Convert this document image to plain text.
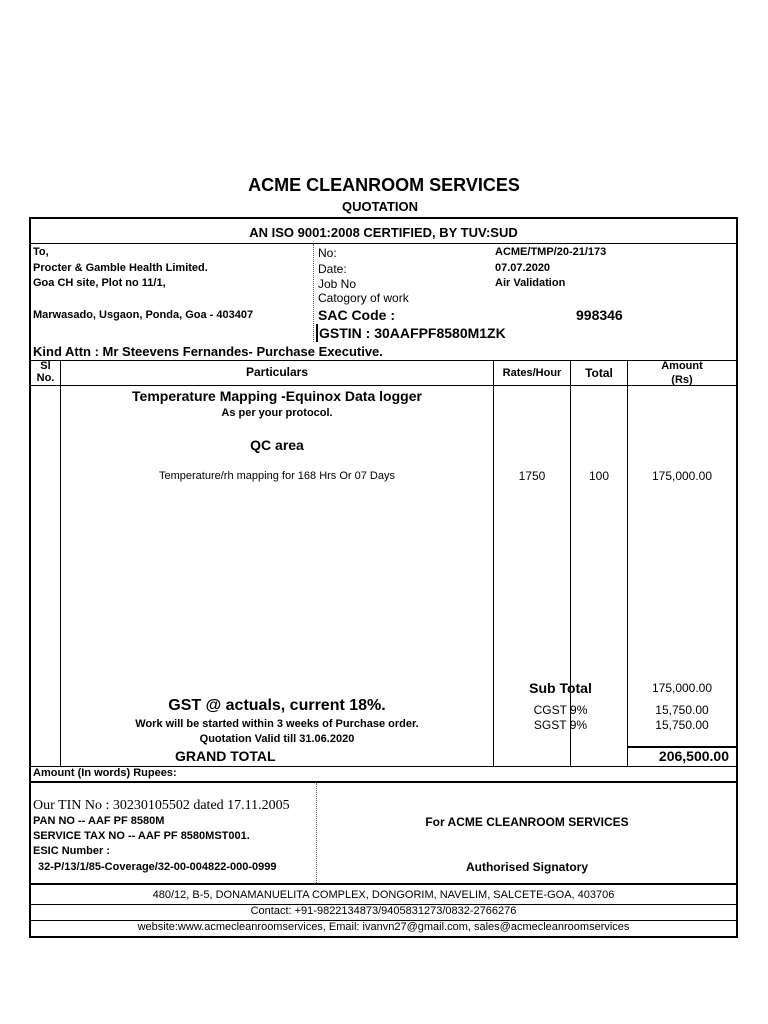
ACME CLEANROOM SERVICES
QUOTATION
AN ISO 9001:2008 CERTIFIED, BY TUV:SUD
To,
Procter & Gamble Health Limited.
Goa CH site, Plot no 11/1,
Marwasado, Usgaon, Ponda, Goa - 403407
No:	ACME/TMP/20-21/173
Date:	07.07.2020
Job No	Air Validation
Catogory of work
SAC Code :	998346
GSTIN : 30AAFPF8580M1ZK
Kind Attn : Mr Steevens Fernandes- Purchase Executive.
Sl
No.	Particulars	Rates/Hour	Total	Amount
(Rs)
Temperature Mapping -Equinox Data logger
As per your protocol.
QC area
Temperature/rh mapping for 168 Hrs Or 07 Days	1750	100	175,000.00
Sub Total	175,000.00
GST @ actuals, current 18%.
Work will be started within 3 weeks of Purchase order.
Quotation Valid till 31.06.2020
CGST 9%	15,750.00
SGST 9%	15,750.00
GRAND TOTAL	206,500.00
Amount (In words) Rupees:
Our TIN No : 30230105502 dated 17.11.2005
PAN NO -- AAF PF 8580M
SERVICE TAX NO -- AAF PF 8580MST001.
ESIC Number :
32-P/13/1/85-Coverage/32-00-004822-000-0999
For ACME CLEANROOM SERVICES
Authorised Signatory
480/12, B-5, DONAMANUELITA COMPLEX, DONGORIM, NAVELIM, SALCETE-GOA, 403706
Contact: +91-9822134873/9405831273/0832-2766276
website:www.acmecleanroomservices, Email: ivanvn27@gmail.com, sales@acmecleanroomservices
